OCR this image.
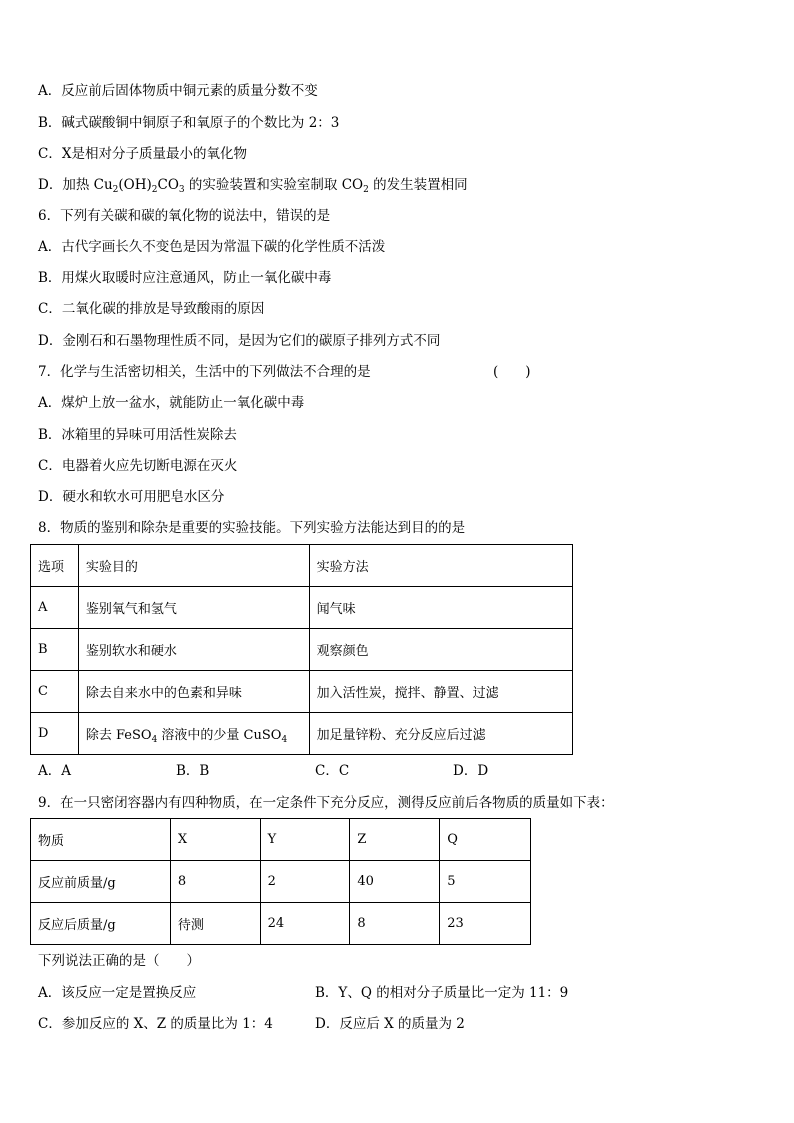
A．反应前后固体物质中铜元素的质量分数不变
B．碱式碳酸铜中铜原子和氧原子的个数比为 2：3
C．X是相对分子质量最小的氧化物
D．加热 $Cu_2(OH)_2CO_3$ 的实验装置和实验室制取 $CO_2$ 的发生装置相同
6．下列有关碳和碳的氧化物的说法中，错误的是
A．古代字画长久不变色是因为常温下碳的化学性质不活泼
B．用煤火取暖时应注意通风，防止一氧化碳中毒
C．二氧化碳的排放是导致酸雨的原因
D．金刚石和石墨物理性质不同，是因为它们的碳原子排列方式不同
7．化学与生活密切相关，生活中的下列做法不合理的是	(　　)
A．煤炉上放一盆水，就能防止一氧化碳中毒
B．冰箱里的异味可用活性炭除去
C．电器着火应先切断电源在灭火
D．硬水和软水可用肥皂水区分
8．物质的鉴别和除杂是重要的实验技能。下列实验方法能达到目的的是
选项	实验目的	实验方法
A	鉴别氧气和氢气	闻气味
B	鉴别软水和硬水	观察颜色
C	除去自来水中的色素和异味	加入活性炭，搅拌、静置、过滤
D	除去 FeSO$_4$ 溶液中的少量 CuSO$_4$	加足量锌粉、充分反应后过滤
A．A	B．B	C．C	D．D
9．在一只密闭容器内有四种物质，在一定条件下充分反应，测得反应前后各物质的质量如下表：
物质	X	Y	Z	Q
反应前质量/g	8	2	40	5
反应后质量/g	待测	24	8	23
下列说法正确的是（　　）
A．该反应一定是置换反应	B．Y、Q 的相对分子质量比一定为 11：9
C．参加反应的 X、Z 的质量比为 1：4	D．反应后 X 的质量为 2
